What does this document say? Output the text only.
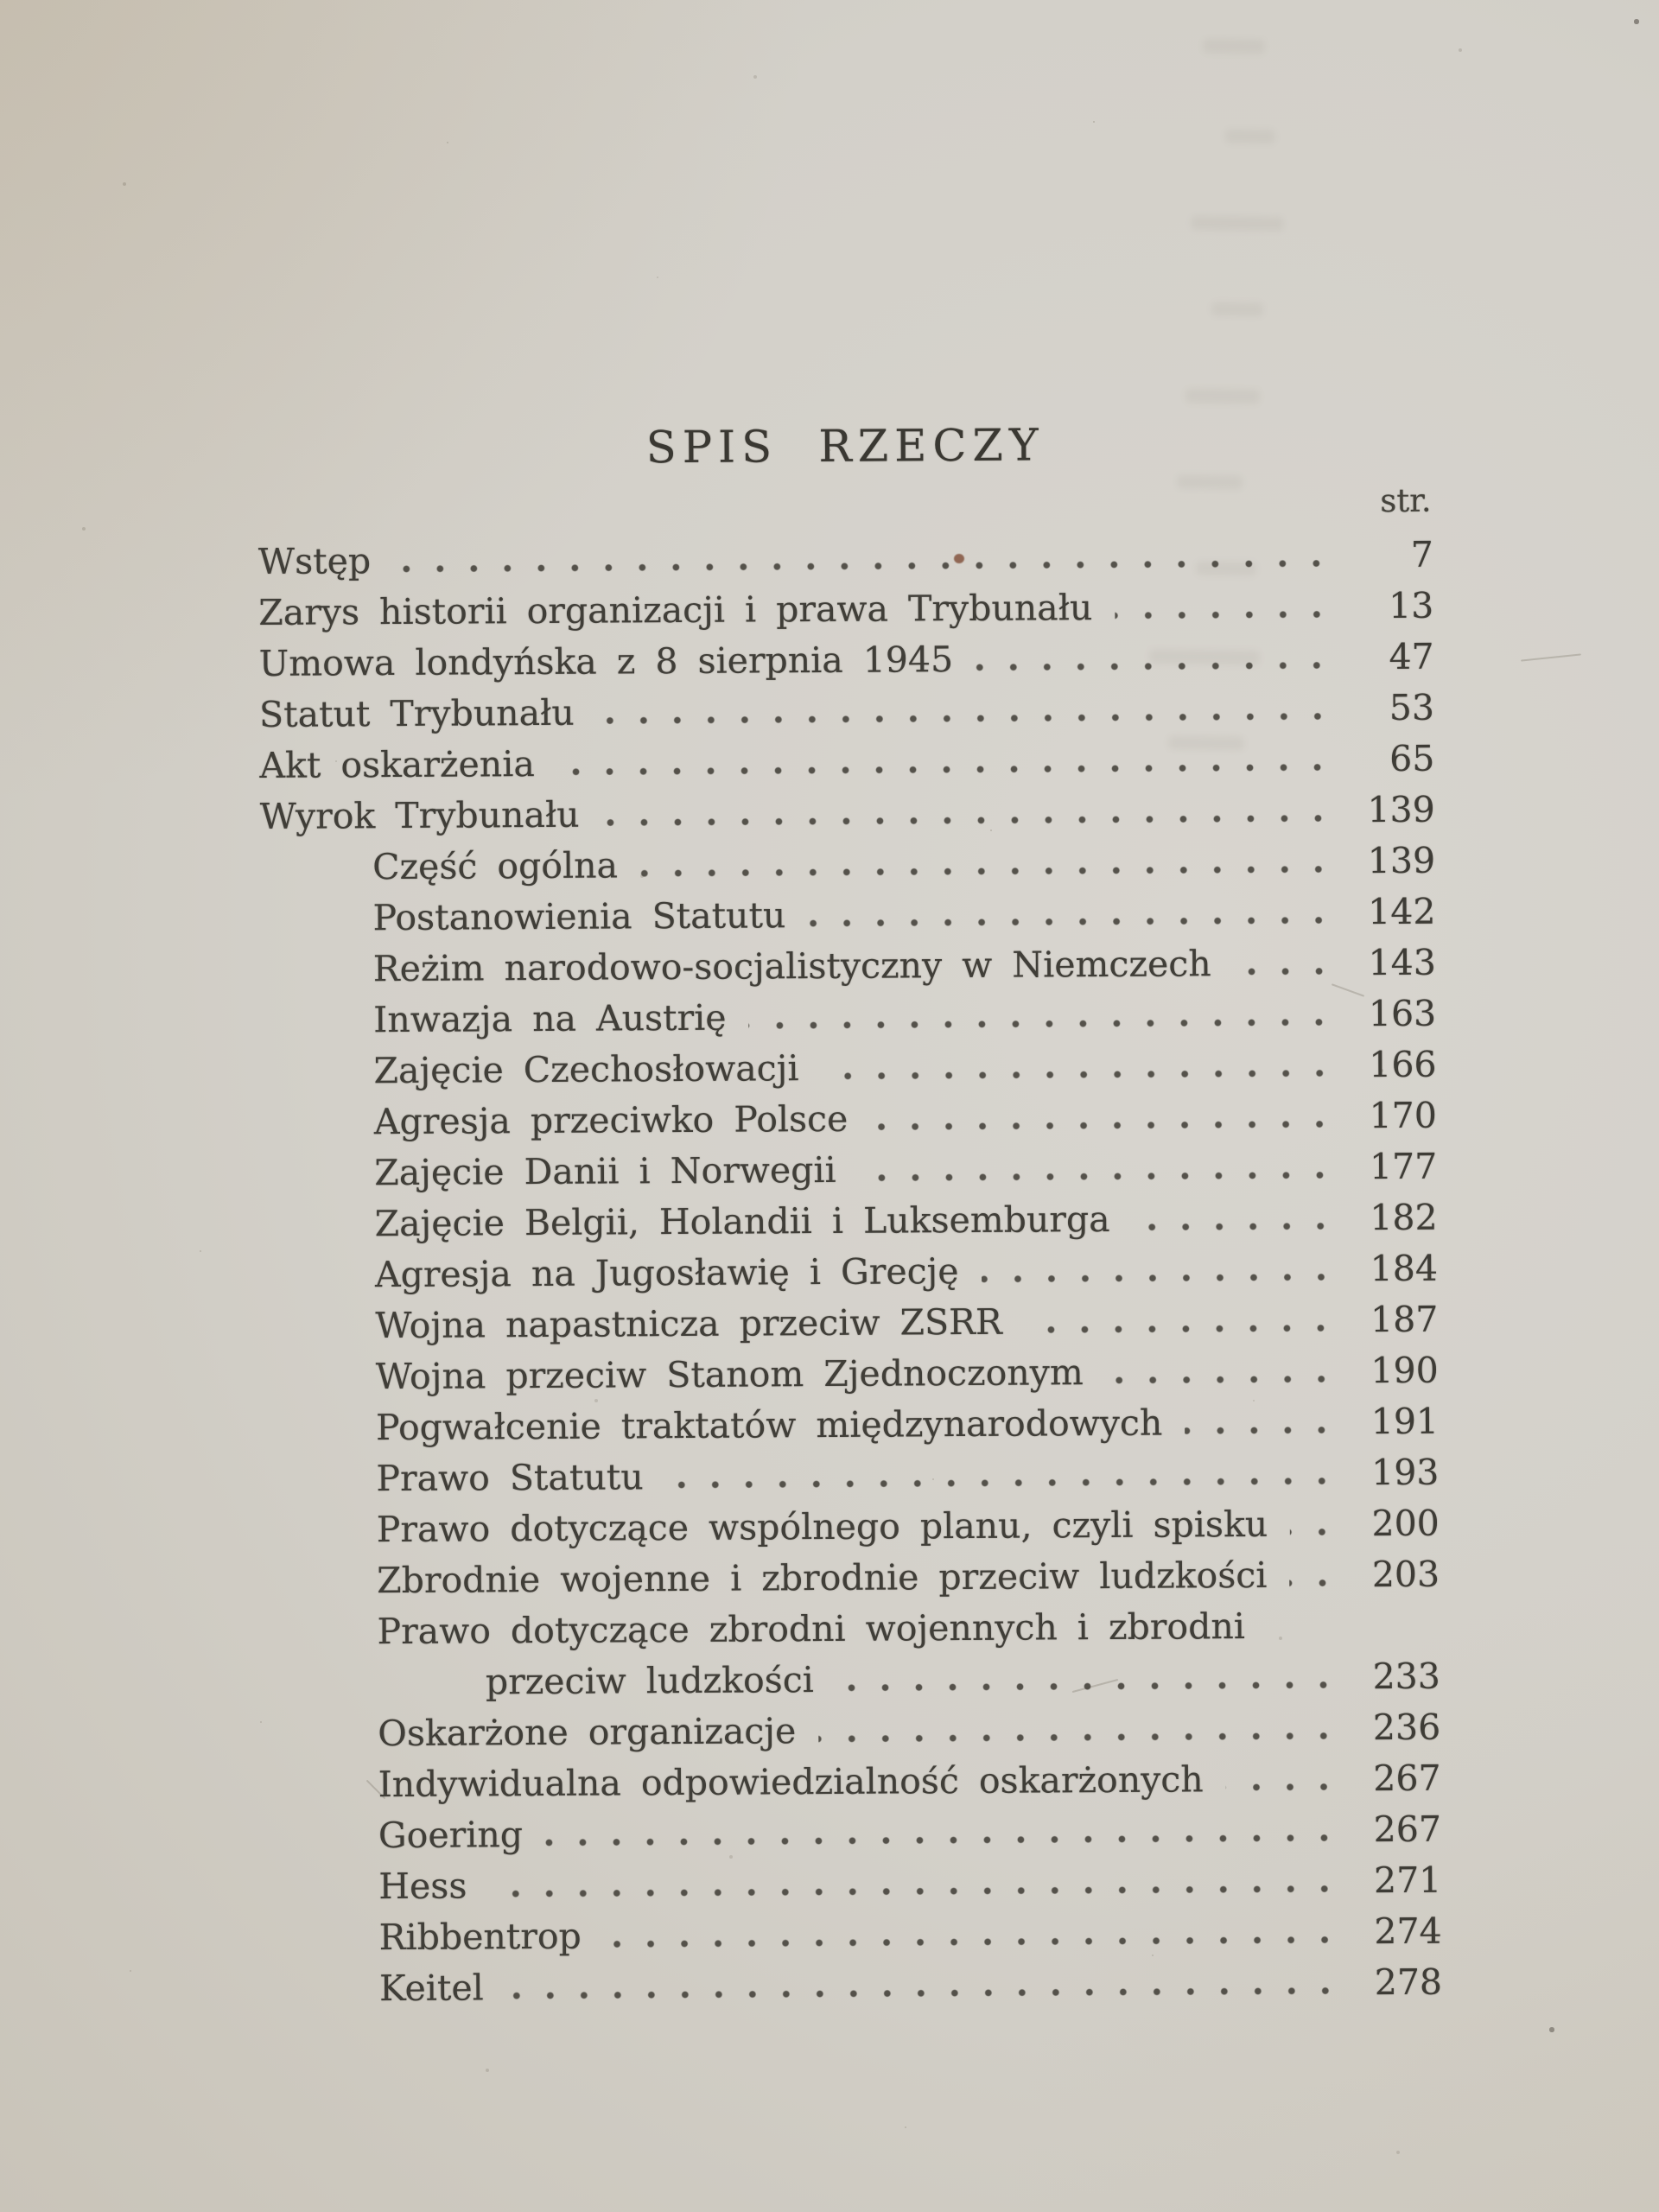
SPIS RZECZY
str.
Wstęp	7
Zarys historii organizacji i prawa Trybunału	13
Umowa londyńska z 8 sierpnia 1945	47
Statut Trybunału	53
Akt oskarżenia	65
Wyrok Trybunału	139
Część ogólna	139
Postanowienia Statutu	142
Reżim narodowo-socjalistyczny w Niemczech	143
Inwazja na Austrię	163
Zajęcie Czechosłowacji	166
Agresja przeciwko Polsce	170
Zajęcie Danii i Norwegii	177
Zajęcie Belgii, Holandii i Luksemburga	182
Agresja na Jugosławię i Grecję	184
Wojna napastnicza przeciw ZSRR	187
Wojna przeciw Stanom Zjednoczonym	190
Pogwałcenie traktatów międzynarodowych	191
Prawo Statutu	193
Prawo dotyczące wspólnego planu, czyli spisku	200
Zbrodnie wojenne i zbrodnie przeciw ludzkości	203
Prawo dotyczące zbrodni wojennych i zbrodni
przeciw ludzkości	233
Oskarżone organizacje	236
Indywidualna odpowiedzialność oskarżonych	267
Goering	267
Hess	271
Ribbentrop	274
Keitel	278
